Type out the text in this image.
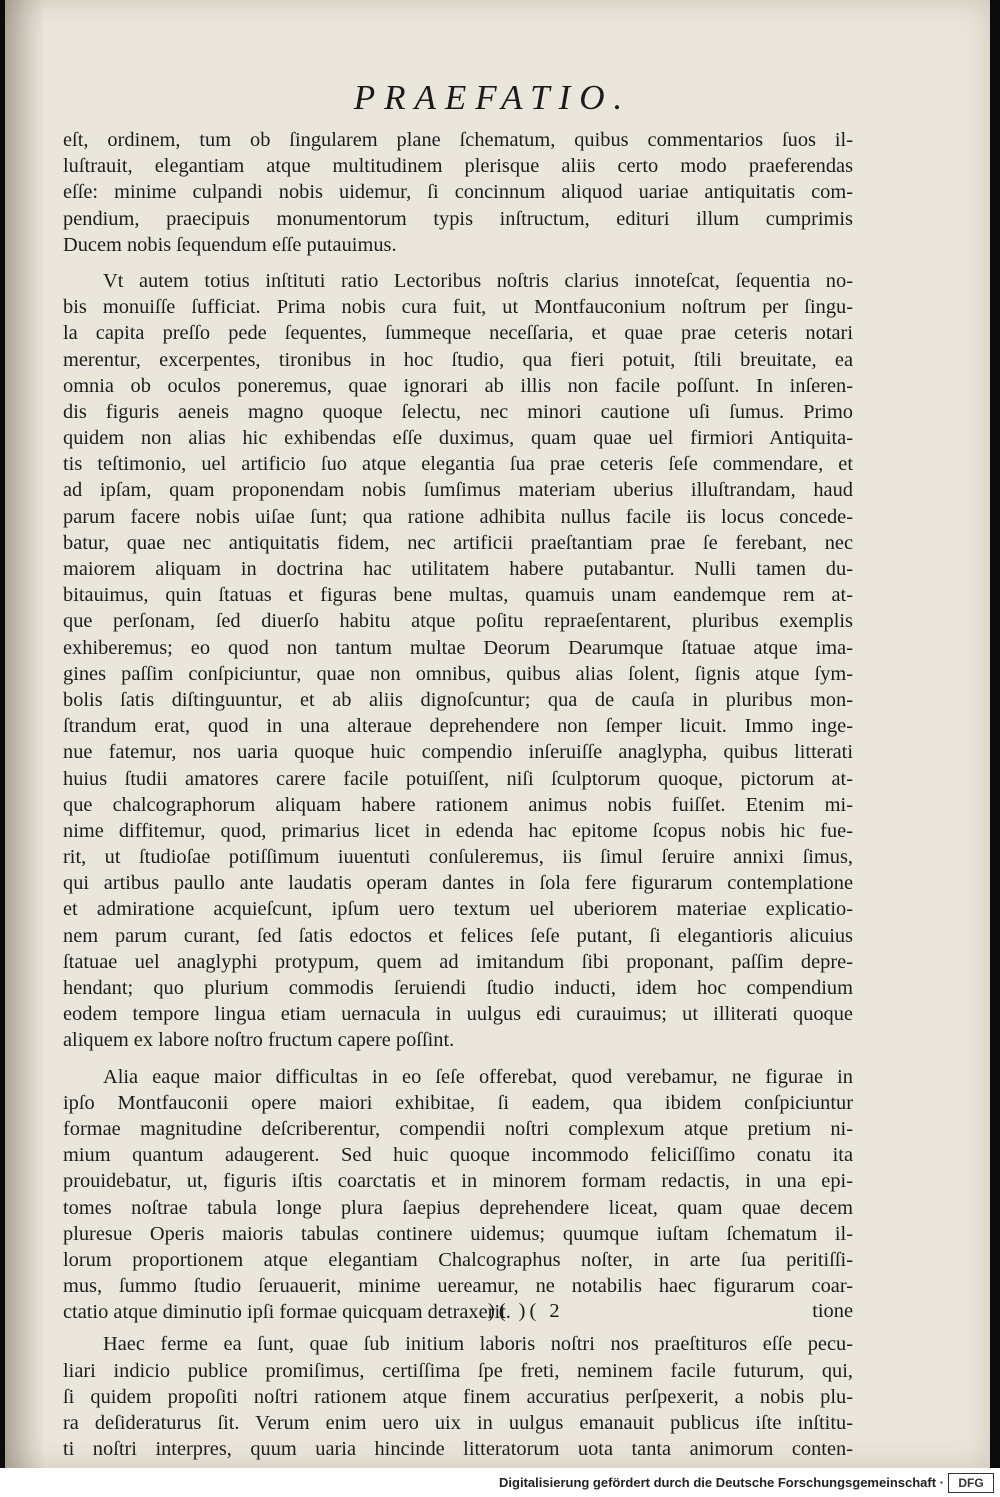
PRAEFATIO.
eſt, ordinem, tum ob ſingularem plane ſchematum, quibus commentarios ſuos il-
luſtrauit, elegantiam atque multitudinem plerisque aliis certo modo praeferendas
eſſe: minime culpandi nobis uidemur, ſi concinnum aliquod uariae antiquitatis com-
pendium, praecipuis monumentorum typis inſtructum, edituri illum cumprimis
Ducem nobis ſequendum eſſe putauimus.
Vt autem totius inſtituti ratio Lectoribus noſtris clarius innoteſcat, ſequentia no-
bis monuiſſe ſufficiat. Prima nobis cura fuit, ut Montfauconium noſtrum per ſingu-
la capita preſſo pede ſequentes, ſummeque neceſſaria, et quae prae ceteris notari
merentur, excerpentes, tironibus in hoc ſtudio, qua fieri potuit, ſtili breuitate, ea
omnia ob oculos poneremus, quae ignorari ab illis non facile poſſunt. In inſeren-
dis figuris aeneis magno quoque ſelectu, nec minori cautione uſi ſumus. Primo
quidem non alias hic exhibendas eſſe duximus, quam quae uel firmiori Antiquita-
tis teſtimonio, uel artificio ſuo atque elegantia ſua prae ceteris ſeſe commendare, et
ad ipſam, quam proponendam nobis ſumſimus materiam uberius illuſtrandam, haud
parum facere nobis uiſae ſunt; qua ratione adhibita nullus facile iis locus concede-
batur, quae nec antiquitatis fidem, nec artificii praeſtantiam prae ſe ferebant, nec
maiorem aliquam in doctrina hac utilitatem habere putabantur. Nulli tamen du-
bitauimus, quin ſtatuas et figuras bene multas, quamuis unam eandemque rem at-
que perſonam, ſed diuerſo habitu atque poſitu repraeſentarent, pluribus exemplis
exhiberemus; eo quod non tantum multae Deorum Dearumque ſtatuae atque ima-
gines paſſim conſpiciuntur, quae non omnibus, quibus alias ſolent, ſignis atque ſym-
bolis ſatis diſtinguuntur, et ab aliis dignoſcuntur; qua de cauſa in pluribus mon-
ſtrandum erat, quod in una alteraue deprehendere non ſemper licuit. Immo inge-
nue fatemur, nos uaria quoque huic compendio inſeruiſſe anaglypha, quibus litterati
huius ſtudii amatores carere facile potuiſſent, niſi ſculptorum quoque, pictorum at-
que chalcographorum aliquam habere rationem animus nobis fuiſſet. Etenim mi-
nime diffitemur, quod, primarius licet in edenda hac epitome ſcopus nobis hic fue-
rit, ut ſtudioſae potiſſimum iuuentuti conſuleremus, iis ſimul ſeruire annixi ſimus,
qui artibus paullo ante laudatis operam dantes in ſola fere figurarum contemplatione
et admiratione acquieſcunt, ipſum uero textum uel uberiorem materiae explicatio-
nem parum curant, ſed ſatis edoctos et felices ſeſe putant, ſi elegantioris alicuius
ſtatuae uel anaglyphi protypum, quem ad imitandum ſibi proponant, paſſim depre-
hendant; quo plurium commodis ſeruiendi ſtudio inducti, idem hoc compendium
eodem tempore lingua etiam uernacula in uulgus edi curauimus; ut illiterati quoque
aliquem ex labore noſtro fructum capere poſſint.
Alia eaque maior difficultas in eo ſeſe offerebat, quod verebamur, ne figurae in
ipſo Montfauconii opere maiori exhibitae, ſi eadem, qua ibidem conſpiciuntur
formae magnitudine deſcriberentur, compendii noſtri complexum atque pretium ni-
mium quantum adaugerent. Sed huic quoque incommodo feliciſſimo conatu ita
prouidebatur, ut, figuris iſtis coarctatis et in minorem formam redactis, in una epi-
tomes noſtrae tabula longe plura ſaepius deprehendere liceat, quam quae decem
pluresue Operis maioris tabulas continere uidemus; quumque iuſtam ſchematum il-
lorum proportionem atque elegantiam Chalcographus noſter, in arte ſua peritiſſi-
mus, ſummo ſtudio ſeruauerit, minime uereamur, ne notabilis haec figurarum coar-
ctatio atque diminutio ipſi formae quicquam detraxerit.
Haec ferme ea ſunt, quae ſub initium laboris noſtri nos praeſtituros eſſe pecu-
liari indicio publice promiſimus, certiſſima ſpe freti, neminem facile futurum, qui,
ſi quidem propoſiti noſtri rationem atque finem accuratius perſpexerit, a nobis plu-
ra deſideraturus ſit. Verum enim uero uix in uulgus emanauit publicus iſte inſtitu-
ti noſtri interpres, quum uaria hincinde litteratorum uota tanta animorum conten-
)( )( 2	tione
Digitalisierung gefördert durch die Deutsche Forschungsgemeinschaft ·	DFG
